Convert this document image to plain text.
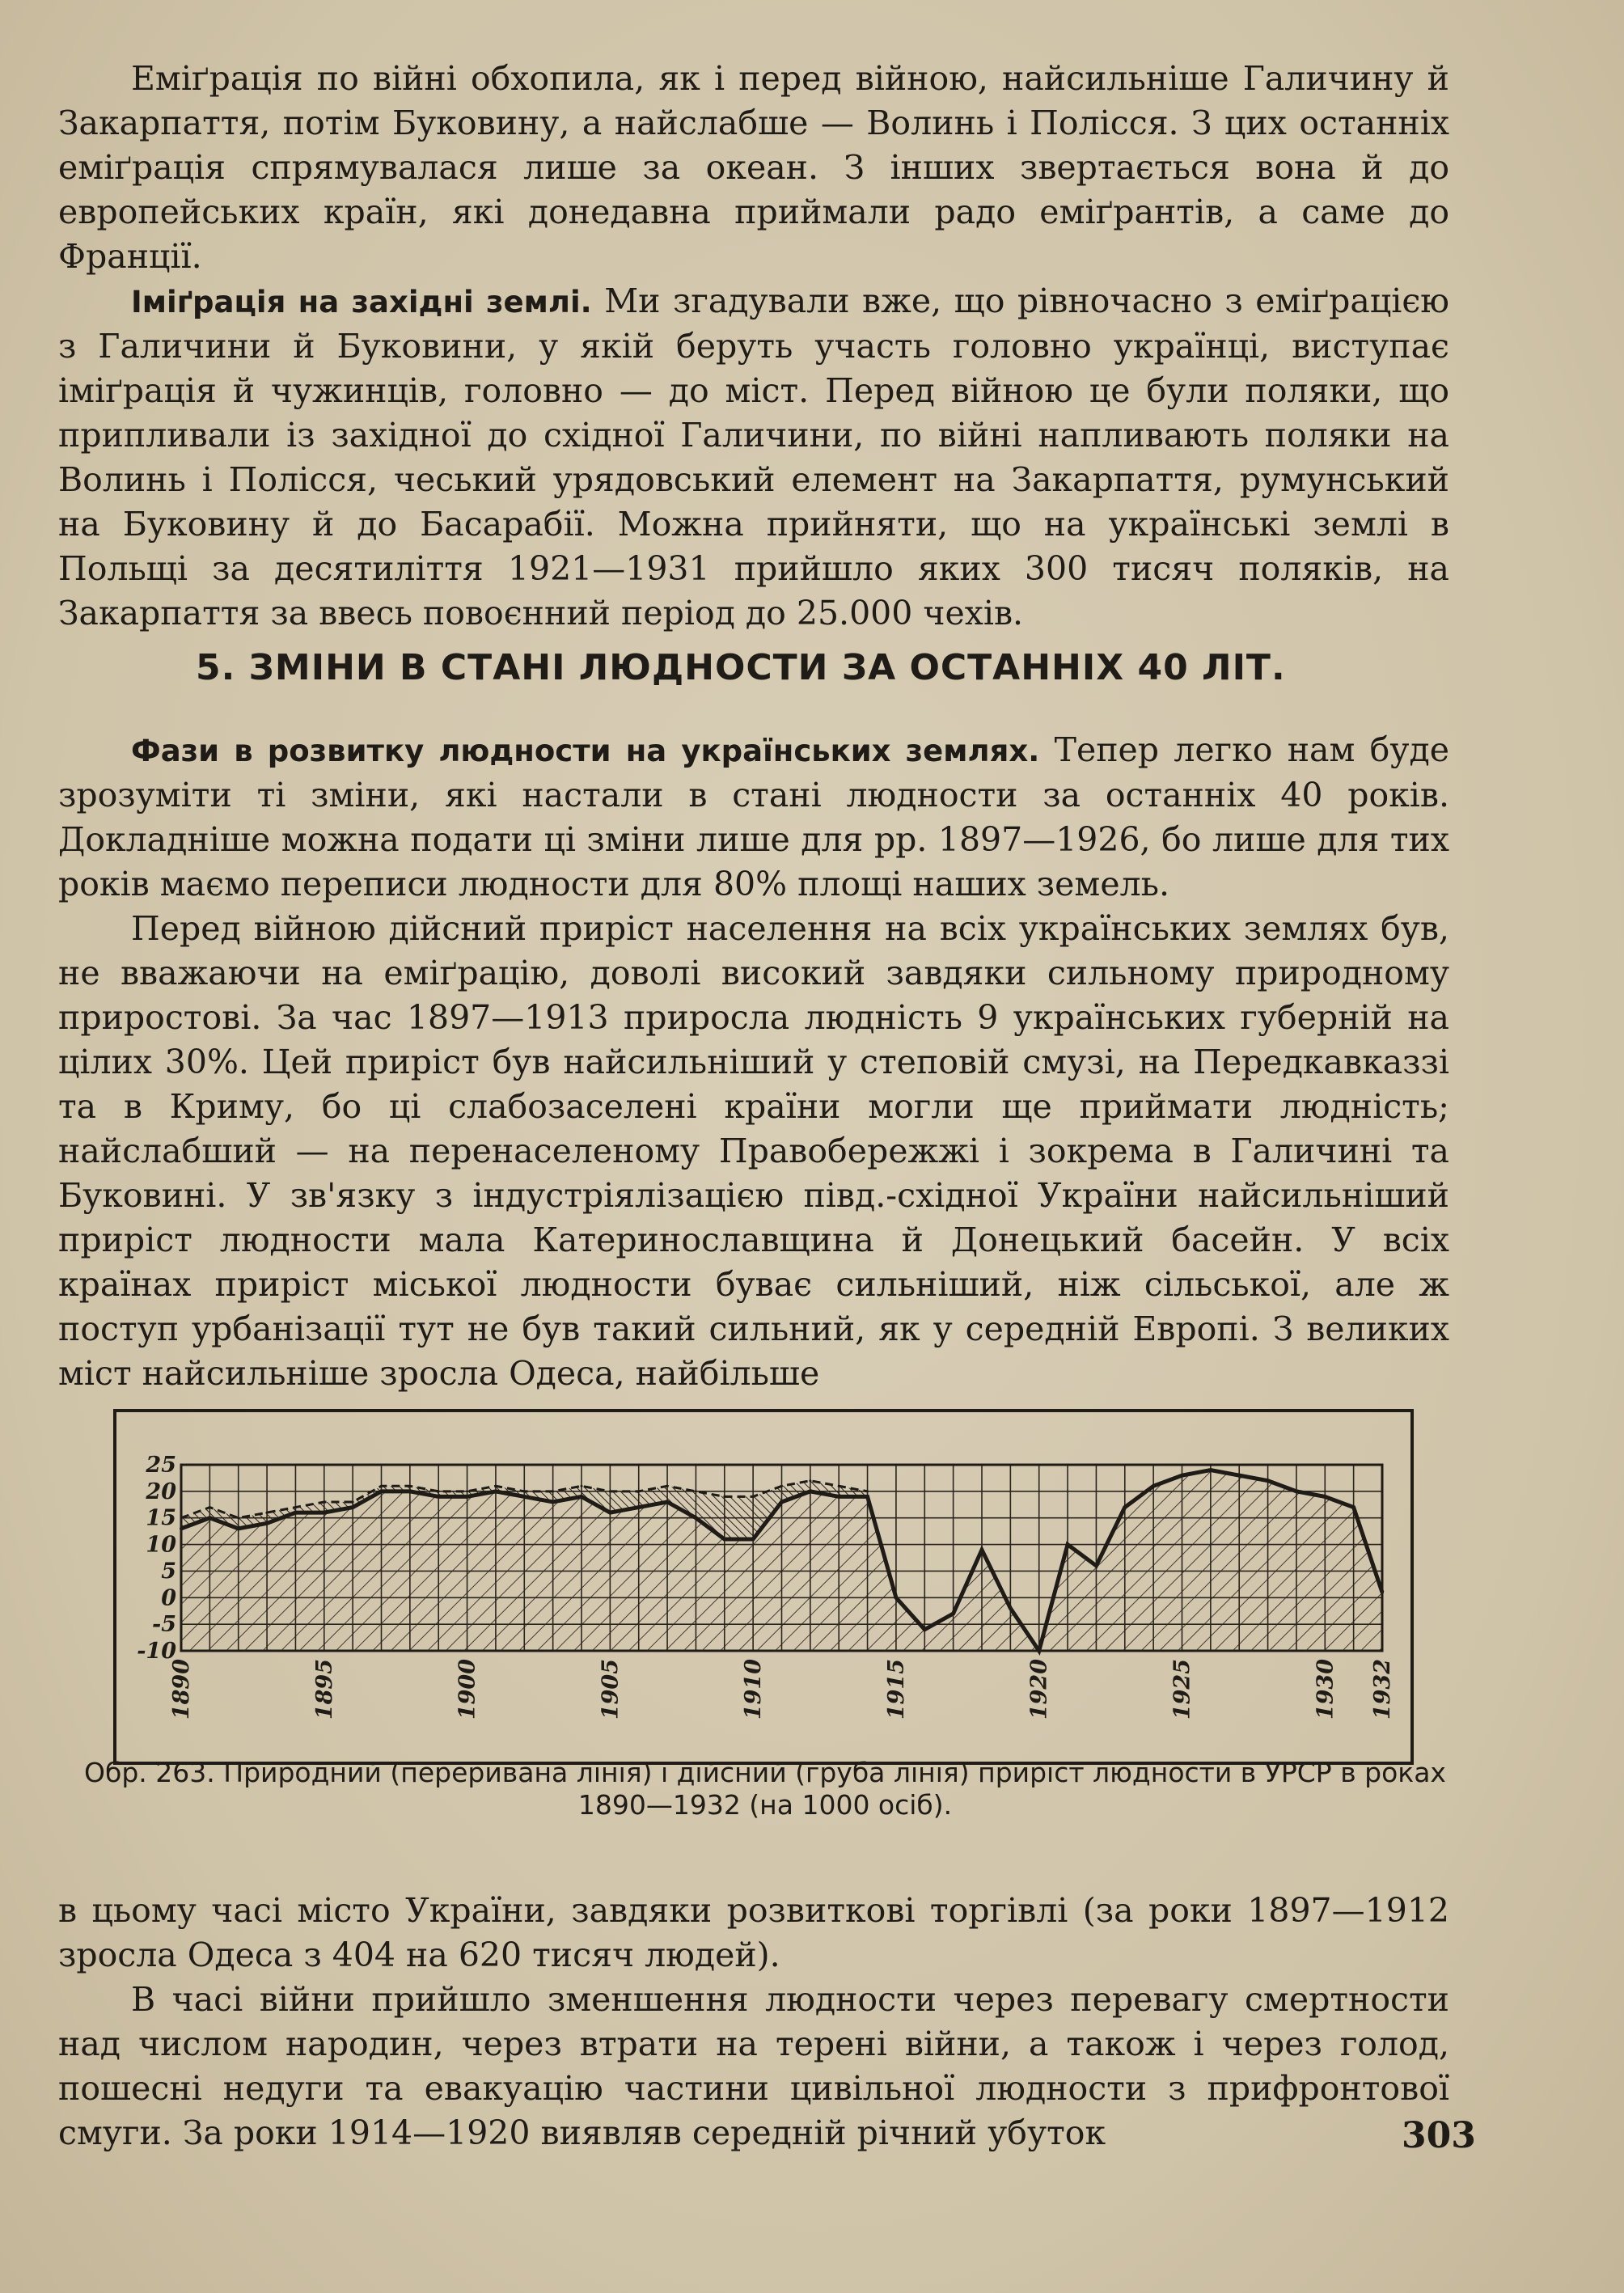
Еміґрація по війні обхопила, як і перед війною, найсильніше Галичину й Закарпаття, потім Буковину, а найслабше — Волинь і Полісся. З цих останніх еміґрація спрямувалася лише за океан. З інших звертається вона й до европейських країн, які донедавна приймали радо еміґрантів, а саме до Франції.

Іміґрація на західні землі. Ми згадували вже, що рівночасно з еміґрацією з Галичини й Буковини, у якій беруть участь головно українці, виступає іміґрація й чужинців, головно — до міст. Перед війною це були поляки, що припливали із західної до східної Галичини, по війні напливають поляки на Волинь і Полісся, чеський урядовський елемент на Закарпаття, румунський на Буковину й до Басарабії. Можна прийняти, що на українські землі в Польщі за десятиліття 1921—1931 прийшло яких 300 тисяч поляків, на Закарпаття за ввесь повоєнний період до 25.000 чехів.

5. ЗМІНИ В СТАНІ ЛЮДНОСТИ ЗА ОСТАННІХ 40 ЛІТ.

Фази в розвитку людности на українських землях. Тепер легко нам буде зрозуміти ті зміни, які настали в стані людности за останніх 40 років. Докладніше можна подати ці зміни лише для рр. 1897—1926, бо лише для тих років маємо переписи людности для 80% площі наших земель.

Перед війною дійсний приріст населення на всіх українських землях був, не вважаючи на еміґрацію, доволі високий завдяки сильному природному приростові. За час 1897—1913 приросла людність 9 українських губерній на цілих 30%. Цей приріст був найсильніший у степовій смузі, на Передкавказзі та в Криму, бо ці слабозаселені країни могли ще приймати людність; найслабший — на перенаселеному Правобережжі і зокрема в Галичині та Буковині. У зв'язку з індустріялізацією півд.-східної України найсильніший приріст людности мала Катеринославщина й Донецький басейн. У всіх країнах приріст міської людности буває сильніший, ніж сільської, але ж поступ урбанізації тут не був такий сильний, як у середній Европі. З великих міст найсильніше зросла Одеса, найбільше

25
20
15
10
5
0
-5
-10
1890	1895	1900	1905	1910	1915	1920	1925	1930 1932

Обр. 263. Природний (переривана лінія) і дійсний (груба лінія) приріст людности в УРСР в роках 1890—1932 (на 1000 осіб).

в цьому часі місто України, завдяки розвиткові торгівлі (за роки 1897—1912 зросла Одеса з 404 на 620 тисяч людей).

В часі війни прийшло зменшення людности через перевагу смертности над числом народин, через втрати на терені війни, а також і через голод, пошесні недуги та евакуацію частини цивільної людности з прифронтової смуги. За роки 1914—1920 виявляв середній річний убуток	303
